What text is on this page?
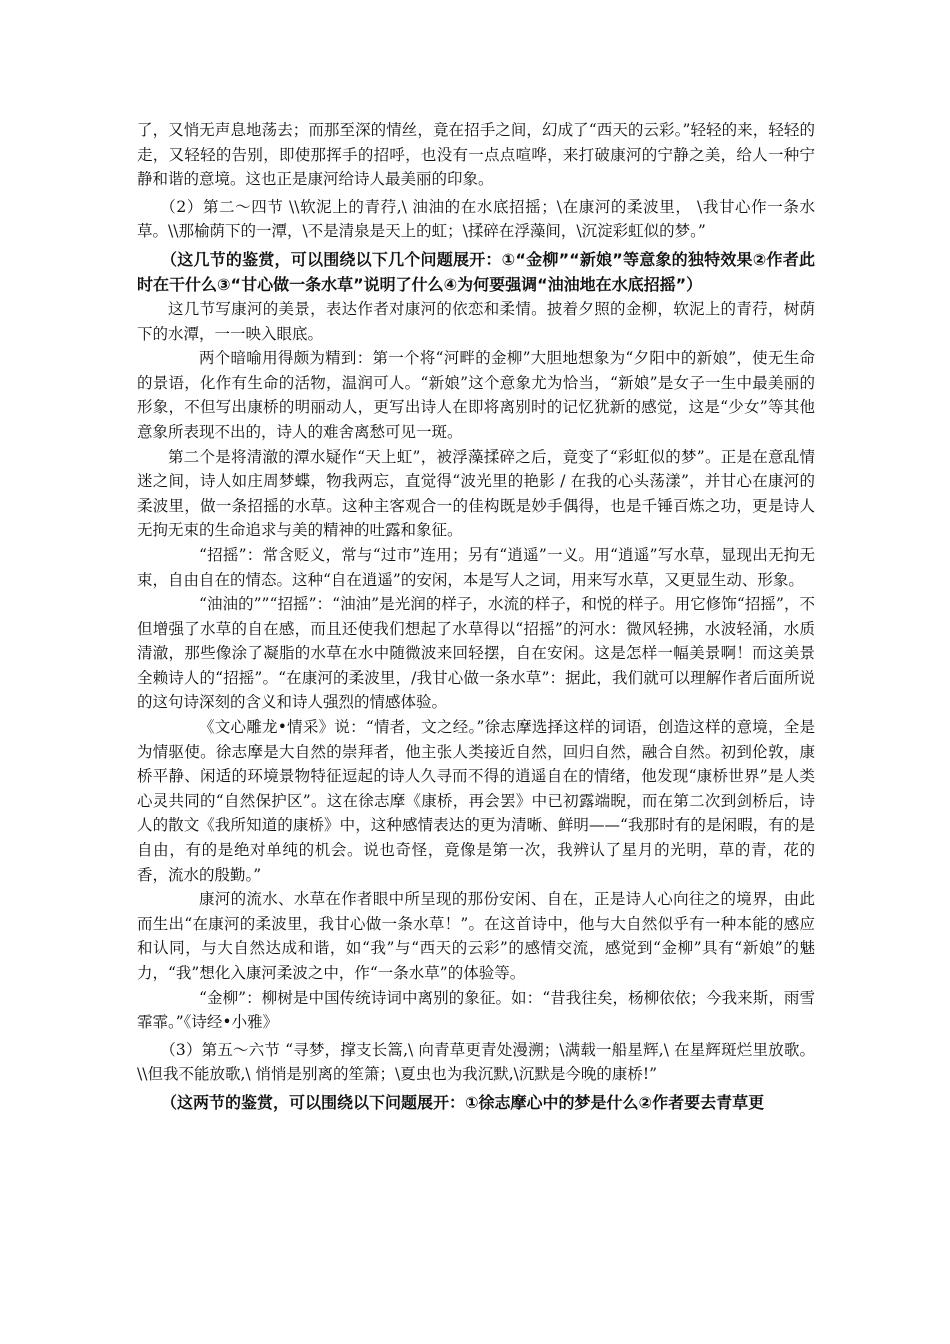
了，又悄无声息地荡去；而那至深的情丝，竟在招手之间，幻成了“西天的云彩。”轻轻的来，轻轻的走，又轻轻的告别，即使那挥手的招呼，也没有一点点喧哗，来打破康河的宁静之美，给人一种宁静和谐的意境。这也正是康河给诗人最美丽的印象。

（2）第二～四节 \\软泥上的青荇,\ 油油的在水底招摇；\在康河的柔波里， \我甘心作一条水草。\\那榆荫下的一潭，\不是清泉是天上的虹；\揉碎在浮藻间，\沉淀彩虹似的梦。”

（这几节的鉴赏，可以围绕以下几个问题展开：①“金柳”“新娘”等意象的独特效果②作者此时在干什么③“甘心做一条水草”说明了什么④为何要强调“油油地在水底招摇”）

这几节写康河的美景，表达作者对康河的依恋和柔情。披着夕照的金柳，软泥上的青荇，树荫下的水潭，一一映入眼底。

两个暗喻用得颇为精到：第一个将“河畔的金柳”大胆地想象为“夕阳中的新娘”，使无生命的景语，化作有生命的活物，温润可人。“新娘”这个意象尤为恰当，“新娘”是女子一生中最美丽的形象，不但写出康桥的明丽动人，更写出诗人在即将离别时的记忆犹新的感觉，这是“少女”等其他意象所表现不出的，诗人的难舍离愁可见一斑。

第二个是将清澈的潭水疑作“天上虹”，被浮藻揉碎之后，竟变了“彩虹似的梦”。正是在意乱情迷之间，诗人如庄周梦蝶，物我两忘，直觉得“波光里的艳影 / 在我的心头荡漾”，并甘心在康河的柔波里，做一条招摇的水草。这种主客观合一的佳构既是妙手偶得，也是千锤百炼之功，更是诗人无拘无束的生命追求与美的精神的吐露和象征。

“招摇”：常含贬义，常与“过市”连用；另有“逍遥”一义。用“逍遥”写水草，显现出无拘无束，自由自在的情态。这种“自在逍遥”的安闲，本是写人之词，用来写水草，又更显生动、形象。

“油油的””“招摇”：“油油”是光润的样子，水流的样子，和悦的样子。用它修饰“招摇”，不但增强了水草的自在感，而且还使我们想起了水草得以“招摇”的河水：微风轻拂，水波轻涌，水质清澈，那些像涂了凝脂的水草在水中随微波来回轻摆，自在安闲。这是怎样一幅美景啊！而这美景全赖诗人的“招摇”。“在康河的柔波里，/我甘心做一条水草”：据此，我们就可以理解作者后面所说的这句诗深刻的含义和诗人强烈的情感体验。

《文心雕龙•情采》说：“情者，文之经。”徐志摩选择这样的词语，创造这样的意境，全是为情驱使。徐志摩是大自然的崇拜者，他主张人类接近自然，回归自然，融合自然。初到伦敦，康桥平静、闲适的环境景物特征逗起的诗人久寻而不得的逍遥自在的情绪，他发现“康桥世界”是人类心灵共同的“自然保护区”。这在徐志摩《康桥，再会罢》中已初露端睨，而在第二次到剑桥后，诗人的散文《我所知道的康桥》中，这种感情表达的更为清晰、鲜明——“我那时有的是闲暇，有的是自由，有的是绝对单纯的机会。说也奇怪，竟像是第一次，我辨认了星月的光明，草的青，花的香，流水的殷勤。”

康河的流水、水草在作者眼中所呈现的那份安闲、自在，正是诗人心向往之的境界，由此而生出“在康河的柔波里，我甘心做一条水草！”。在这首诗中，他与大自然似乎有一种本能的感应和认同，与大自然达成和谐，如“我”与“西天的云彩”的感情交流，感觉到“金柳”具有“新娘”的魅力，“我”想化入康河柔波之中，作“一条水草”的体验等。

“金柳”：柳树是中国传统诗词中离别的象征。如：“昔我往矣，杨柳依依；今我来斯，雨雪霏霏。”《诗经•小雅》

（3）第五～六节 “寻梦，撑支长篙,\ 向青草更青处漫溯；\满载一船星辉,\ 在星辉斑烂里放歌。\\但我不能放歌,\ 悄悄是别离的笙箫；\夏虫也为我沉默,\沉默是今晚的康桥!”

（这两节的鉴赏，可以围绕以下问题展开：①徐志摩心中的梦是什么②作者要去青草更
